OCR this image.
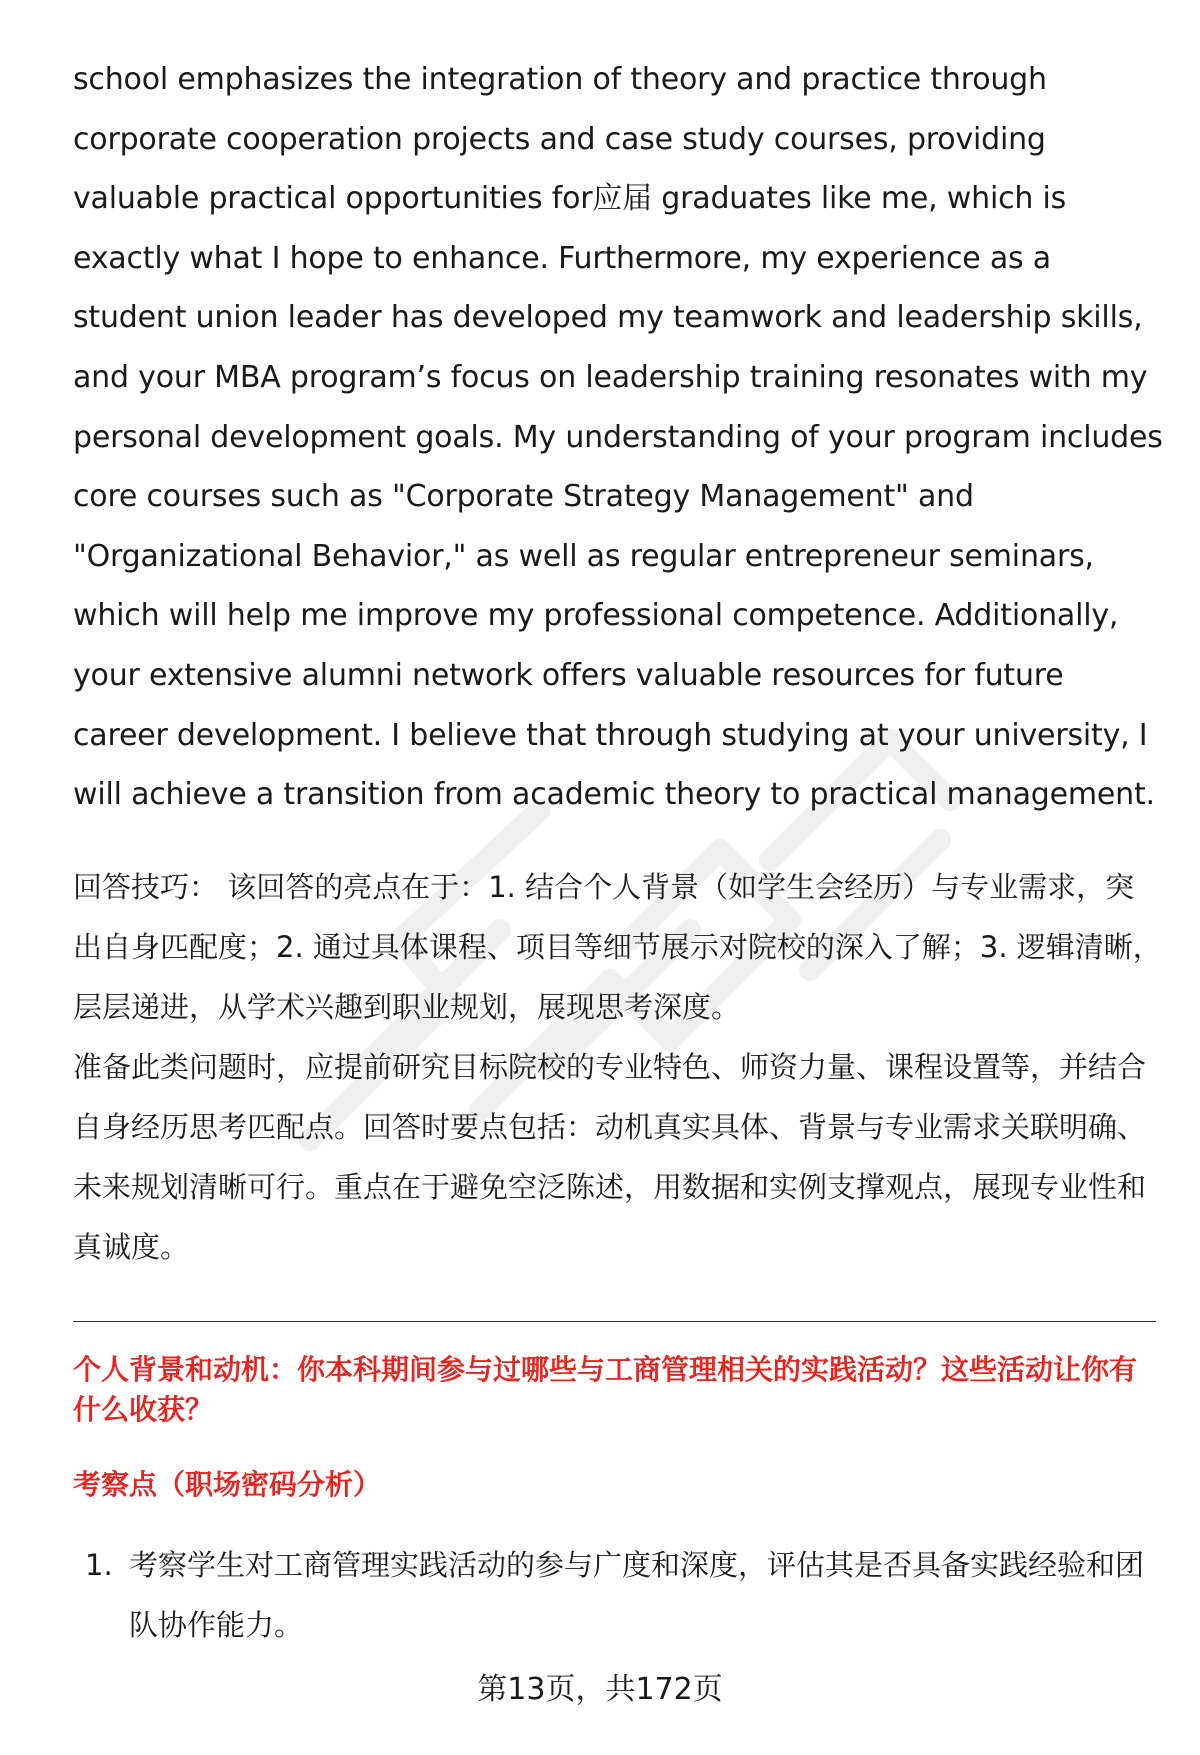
school emphasizes the integration of theory and practice through corporate cooperation projects and case study courses, providing valuable practical opportunities for应届 graduates like me, which is exactly what I hope to enhance. Furthermore, my experience as a student union leader has developed my teamwork and leadership skills, and your MBA program’s focus on leadership training resonates with my personal development goals. My understanding of your program includes core courses such as "Corporate Strategy Management" and "Organizational Behavior," as well as regular entrepreneur seminars, which will help me improve my professional competence. Additionally, your extensive alumni network offers valuable resources for future career development. I believe that through studying at your university, I will achieve a transition from academic theory to practical management.

回答技巧： 该回答的亮点在于：1. 结合个人背景（如学生会经历）与专业需求，突出自身匹配度；2. 通过具体课程、项目等细节展示对院校的深入了解；3. 逻辑清晰，层层递进，从学术兴趣到职业规划，展现思考深度。

准备此类问题时，应提前研究目标院校的专业特色、师资力量、课程设置等，并结合自身经历思考匹配点。回答时要点包括：动机真实具体、背景与专业需求关联明确、未来规划清晰可行。重点在于避免空泛陈述，用数据和实例支撑观点，展现专业性和真诚度。

个人背景和动机：你本科期间参与过哪些与工商管理相关的实践活动？这些活动让你有什么收获？

考察点（职场密码分析）

1. 考察学生对工商管理实践活动的参与广度和深度，评估其是否具备实践经验和团队协作能力。
第13页，共172页
